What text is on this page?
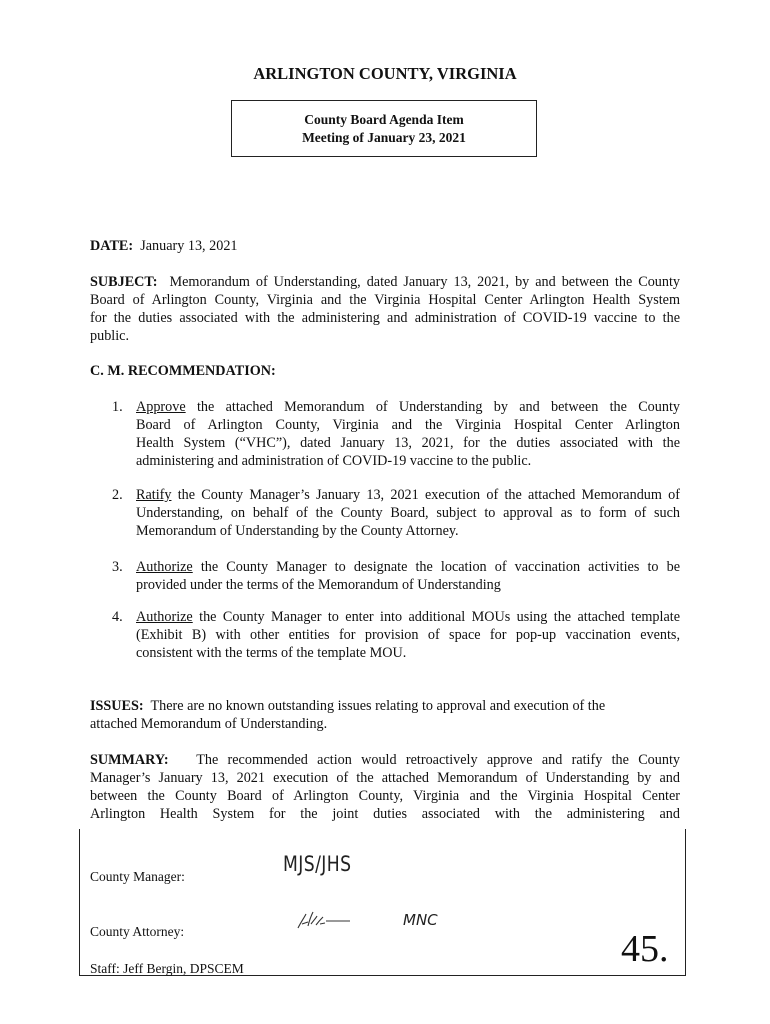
ARLINGTON COUNTY, VIRGINIA
County Board Agenda Item
Meeting of January 23, 2021
DATE: January 13, 2021
SUBJECT: Memorandum of Understanding, dated January 13, 2021, by and between the County
Board of Arlington County, Virginia and the Virginia Hospital Center Arlington Health System
for the duties associated with the administering and administration of COVID-19 vaccine to the
public.
C. M. RECOMMENDATION:
1. Approve the attached Memorandum of Understanding by and between the County
Board of Arlington County, Virginia and the Virginia Hospital Center Arlington
Health System (“VHC”), dated January 13, 2021, for the duties associated with the
administering and administration of COVID-19 vaccine to the public.
2. Ratify the County Manager’s January 13, 2021 execution of the attached Memorandum of
Understanding, on behalf of the County Board, subject to approval as to form of such
Memorandum of Understanding by the County Attorney.
3. Authorize the County Manager to designate the location of vaccination activities to be
provided under the terms of the Memorandum of Understanding
4. Authorize the County Manager to enter into additional MOUs using the attached template
(Exhibit B) with other entities for provision of space for pop-up vaccination events,
consistent with the terms of the template MOU.
ISSUES: There are no known outstanding issues relating to approval and execution of the
attached Memorandum of Understanding.
SUMMARY: The recommended action would retroactively approve and ratify the County
Manager’s January 13, 2021 execution of the attached Memorandum of Understanding by and
between the County Board of Arlington County, Virginia and the Virginia Hospital Center
Arlington Health System for the joint duties associated with the administering and
County Manager:
MJS/JHS
County Attorney:
MNC
Staff: Jeff Bergin, DPSCEM	45.
